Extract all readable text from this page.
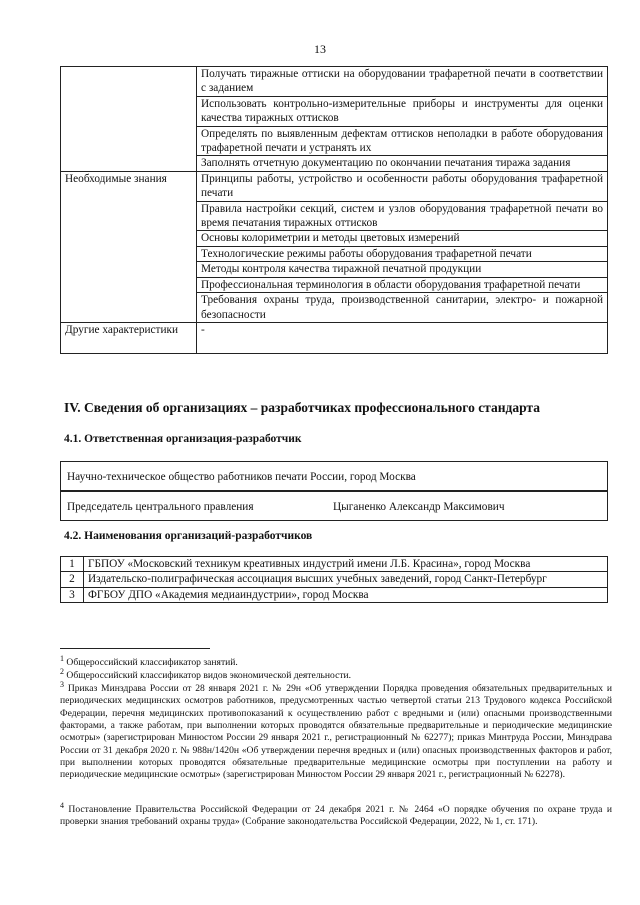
13
	Получать тиражные оттиски на оборудовании трафаретной печати в соответствии с заданием
	Использовать контрольно-измерительные приборы и инструменты для оценки качества тиражных оттисков
	Определять по выявленным дефектам оттисков неполадки в работе оборудования трафаретной печати и устранять их
	Заполнять отчетную документацию по окончании печатания тиража задания
Необходимые знания	Принципы работы, устройство и особенности работы оборудования трафаретной печати
	Правила настройки секций, систем и узлов оборудования трафаретной печати во время печатания тиражных оттисков
	Основы колориметрии и методы цветовых измерений
	Технологические режимы работы оборудования трафаретной печати
	Методы контроля качества тиражной печатной продукции
	Профессиональная терминология в области оборудования трафаретной печати
	Требования охраны труда, производственной санитарии, электро- и пожарной безопасности
Другие характеристики	-
IV. Сведения об организациях – разработчиках профессионального стандарта
4.1. Ответственная организация-разработчик
Научно-техническое общество работников печати России, город Москва
Председатель центрального правления	Цыганенко Александр Максимович
4.2. Наименования организаций-разработчиков
1	ГБПОУ «Московский техникум креативных индустрий имени Л.Б. Красина», город Москва
2	Издательско-полиграфическая ассоциация высших учебных заведений, город Санкт-Петербург
3	ФГБОУ ДПО «Академия медиаиндустрии», город Москва
$^1$ Общероссийский классификатор занятий.
$^2$ Общероссийский классификатор видов экономической деятельности.
$^3$ Приказ Минздрава России от 28 января 2021 г. № 29н «Об утверждении Порядка проведения обязательных предварительных и периодических медицинских осмотров работников, предусмотренных частью четвертой статьи 213 Трудового кодекса Российской Федерации, перечня медицинских противопоказаний к осуществлению работ с вредными и (или) опасными производственными факторами, а также работам, при выполнении которых проводятся обязательные предварительные и периодические медицинские осмотры» (зарегистрирован Минюстом России 29 января 2021 г., регистрационный № 62277); приказ Минтруда России, Минздрава России от 31 декабря 2020 г. № 988н/1420н «Об утверждении перечня вредных и (или) опасных производственных факторов и работ, при выполнении которых проводятся обязательные предварительные медицинские осмотры при поступлении на работу и периодические медицинские осмотры» (зарегистрирован Минюстом России 29 января 2021 г., регистрационный № 62278).
$^4$ Постановление Правительства Российской Федерации от 24 декабря 2021 г. № 2464 «О порядке обучения по охране труда и проверки знания требований охраны труда» (Собрание законодательства Российской Федерации, 2022, № 1, ст. 171).
